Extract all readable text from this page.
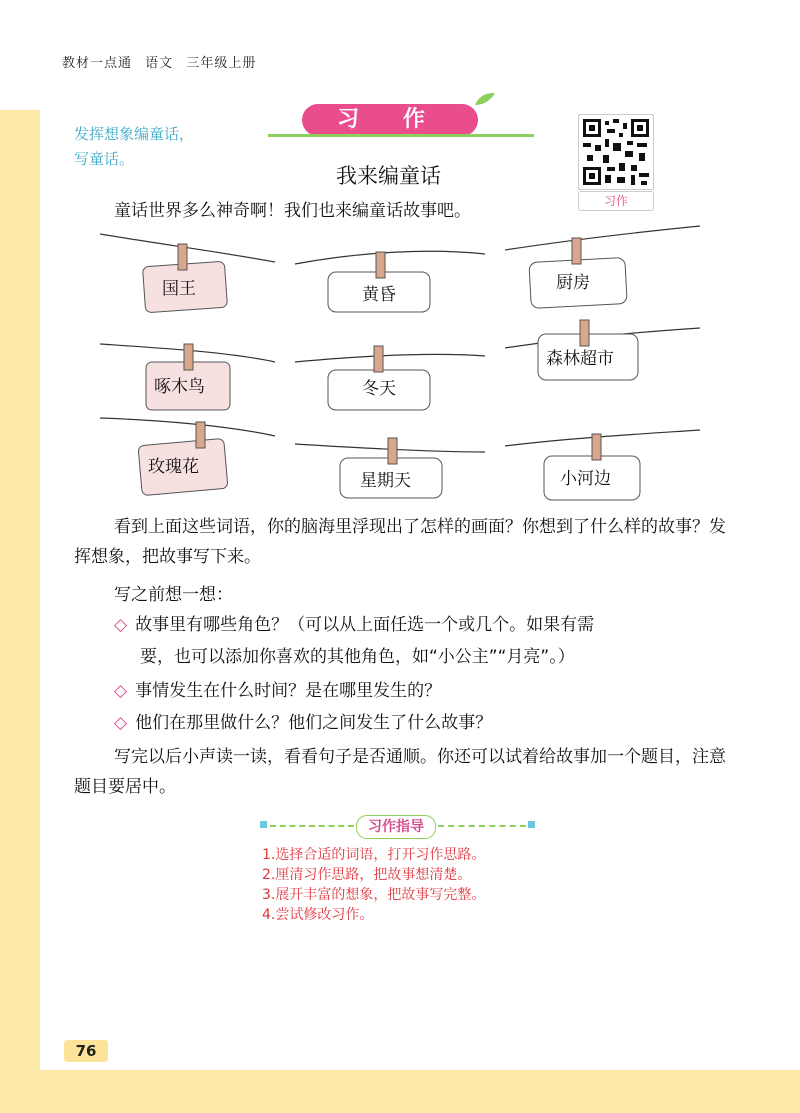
教材一点通 语文 三年级上册
发挥想象编童话，写童话。
习 作
习作
我来编童话
童话世界多么神奇啊！我们也来编童话故事吧。
国王	黄昏
厨房
啄木鸟	冬天
森林超市
玫瑰花
星期天	小河边
看到上面这些词语，你的脑海里浮现出了怎样的画面？你想到了什么样的故事？发挥想象，把故事写下来。
写之前想一想：
◇ 故事里有哪些角色？（可以从上面任选一个或几个。如果有需
要，也可以添加你喜欢的其他角色，如“小公主”“月亮”。）
◇ 事情发生在什么时间？是在哪里发生的？
◇ 他们在那里做什么？他们之间发生了什么故事？
写完以后小声读一读，看看句子是否通顺。你还可以试着给故事加一个题目，注意题目要居中。
习作指导
1.选择合适的词语，打开习作思路。
2.厘清习作思路，把故事想清楚。
3.展开丰富的想象，把故事写完整。
4.尝试修改习作。
76
